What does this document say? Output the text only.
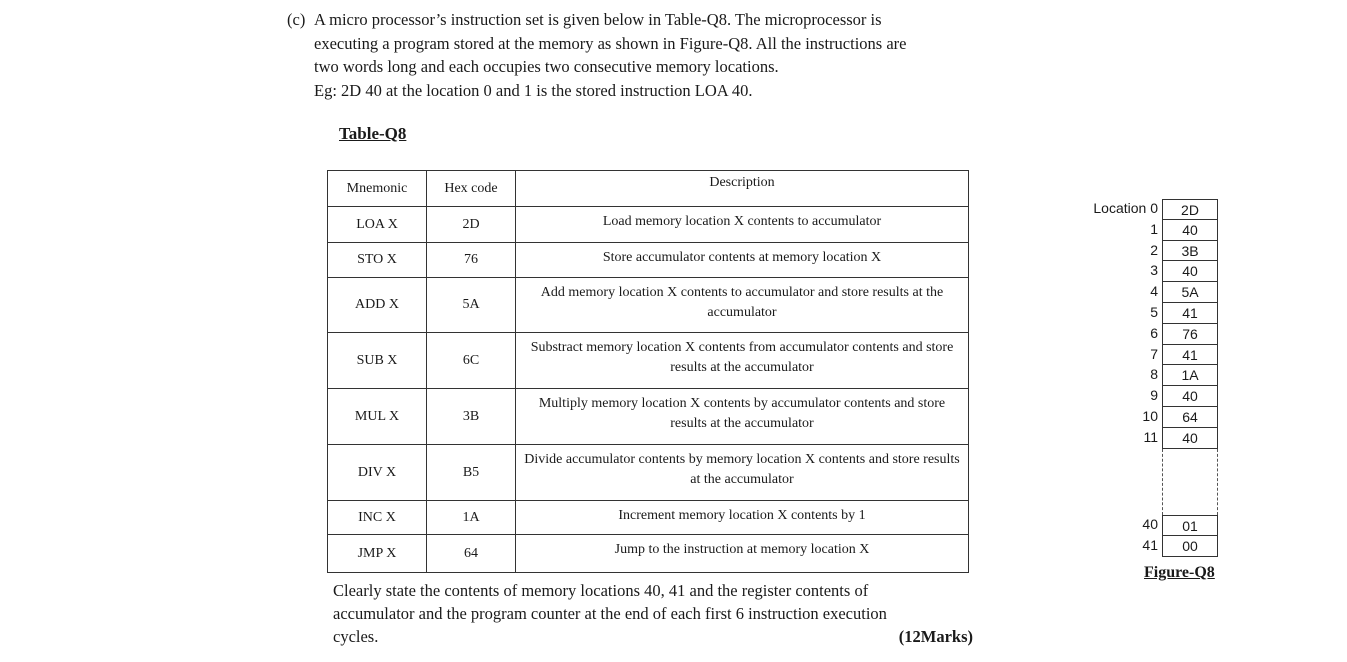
(c) A micro processor’s instruction set is given below in Table-Q8. The microprocessor is
executing a program stored at the memory as shown in Figure-Q8. All the instructions are
two words long and each occupies two consecutive memory locations.
Eg: 2D 40 at the location 0 and 1 is the stored instruction LOA 40.
Table-Q8
Mnemonic	Hex code	Description
LOA X	2D	Load memory location X contents to accumulator
STO X	76	Store accumulator contents at memory location X
ADD X	5A	Add memory location X contents to accumulator and store results at the accumulator
SUB X	6C	Substract memory location X contents from accumulator contents and store results at the accumulator
MUL X	3B	Multiply memory location X contents by accumulator contents and store results at the accumulator
DIV X	B5	Divide accumulator contents by memory location X contents and store results at the accumulator
INC X	1A	Increment memory location X contents by 1
JMP X	64	Jump to the instruction at memory location X
Clearly state the contents of memory locations 40, 41 and the register contents of
accumulator and the program counter at the end of each first 6 instruction execution
cycles.	(12Marks)
Location 0	2D
1	40
2	3B
3	40
4	5A
5	41
6	76
7	41
8	1A
9	40
10	64
11	40
40	01
41	00
Figure-Q8
